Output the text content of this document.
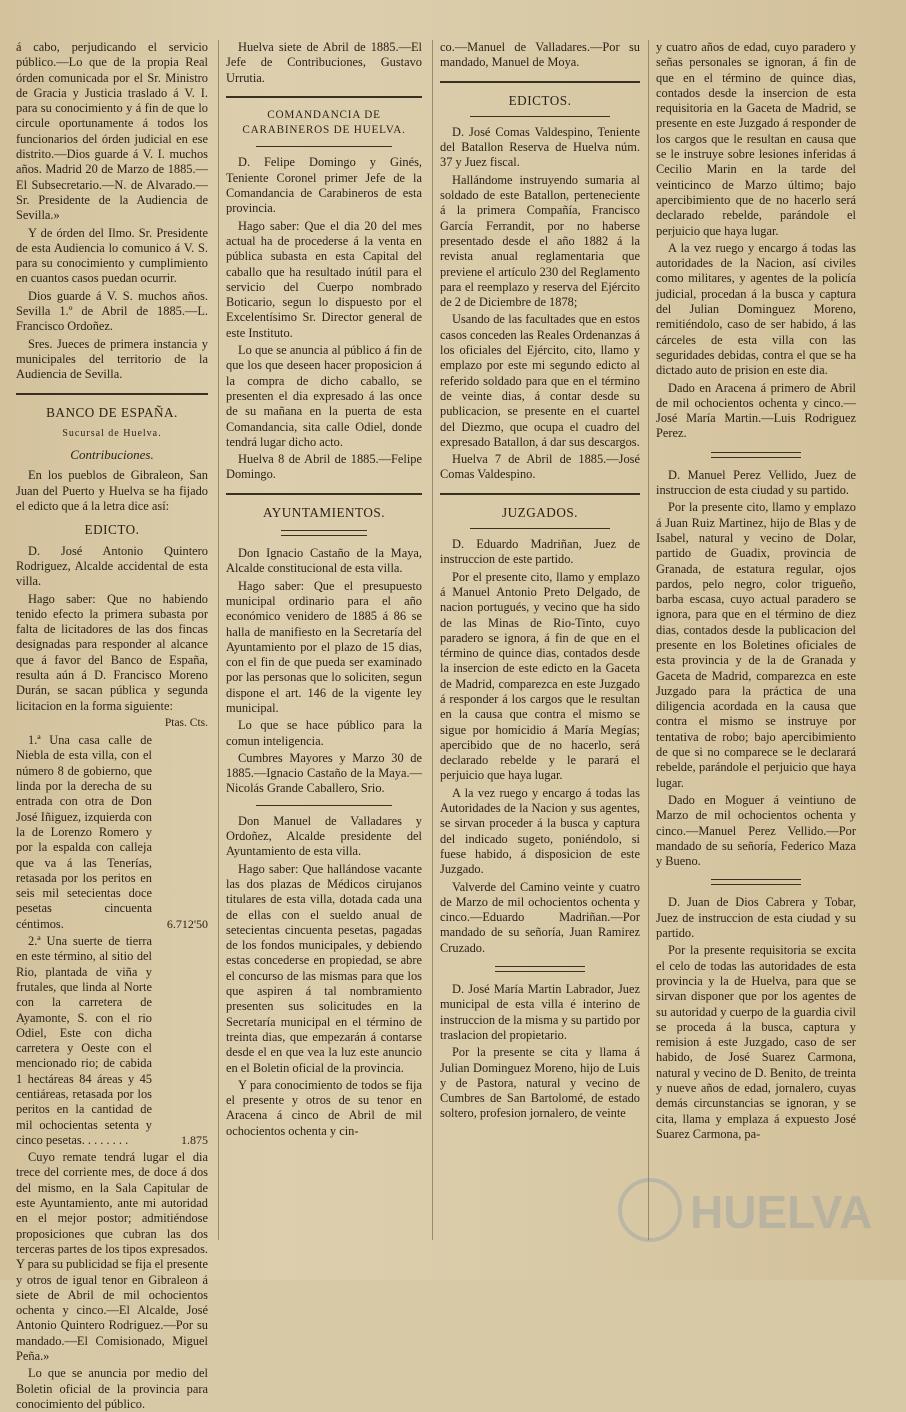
á cabo, perjudicando el servicio público.—Lo que de la propia Real órden comunicada por el Sr. Ministro de Gracia y Justicia traslado á V. I. para su conocimiento y á fin de que lo circule oportunamente á todos los funcionarios del órden judicial en ese distrito.—Dios guarde á V. I. muchos años. Madrid 20 de Marzo de 1885.—El Subsecretario.—N. de Alvarado.—Sr. Presidente de la Audiencia de Sevilla.»

Y de órden del Ilmo. Sr. Presidente de esta Audiencia lo comunico á V. S. para su conocimiento y cumplimiento en cuantos casos puedan ocurrir.

Dios guarde á V. S. muchos años. Sevilla 1.º de Abril de 1885.—L. Francisco Ordoñez.

Sres. Jueces de primera instancia y municipales del territorio de la Audiencia de Sevilla.

BANCO DE ESPAÑA.
Sucursal de Huelva.
Contribuciones.

En los pueblos de Gibraleon, San Juan del Puerto y Huelva se ha fijado el edicto que á la letra dice así:

EDICTO.

D. José Antonio Quintero Rodriguez, Alcalde accidental de esta villa.

Hago saber: Que no habiendo tenido efecto la primera subasta por falta de licitadores de las dos fincas designadas para responder al alcance que á favor del Banco de España, resulta aún á D. Francisco Moreno Durán, se sacan pública y segunda licitacion en la forma siguiente:

Ptas. Cts.

1.ª Una casa calle de Niebla de esta villa, con el número 8 de gobierno, que linda por la derecha de su entrada con otra de Don José Iñiguez, izquierda con la de Lorenzo Romero y por la espalda con calleja que va á las Tenerías, retasada por los peritos en seis mil setecientas doce pesetas cincuenta céntimos.	6.712'50

2.ª Una suerte de tierra en este término, al sitio del Rio, plantada de viña y frutales, que linda al Norte con la carretera de Ayamonte, S. con el rio Odiel, Este con dicha carretera y Oeste con el mencionado rio; de cabida 1 hectáreas 84 áreas y 45 centiáreas, retasada por los peritos en la cantidad de mil ochocientas setenta y cinco pesetas. . . . . . . .	1.875

Cuyo remate tendrá lugar el dia trece del corriente mes, de doce á dos del mismo, en la Sala Capitular de este Ayuntamiento, ante mi autoridad en el mejor postor; admitiéndose proposiciones que cubran las dos terceras partes de los tipos expresados. Y para su publicidad se fija el presente y otros de igual tenor en Gibraleon á siete de Abril de mil ochocientos ochenta y cinco.—El Alcalde, José Antonio Quintero Rodriguez.—Por su mandado.—El Comisionado, Miguel Peña.»

Lo que se anuncia por medio del Boletin oficial de la provincia para conocimiento del público.

Huelva siete de Abril de 1885.—El Jefe de Contribuciones, Gustavo Urrutia.

COMANDANCIA DE CARABINEROS DE HUELVA.

D. Felipe Domingo y Ginés, Teniente Coronel primer Jefe de la Comandancia de Carabineros de esta provincia.

Hago saber: Que el dia 20 del mes actual ha de procederse á la venta en pública subasta en esta Capital del caballo que ha resultado inútil para el servicio del Cuerpo nombrado Boticario, segun lo dispuesto por el Excelentísimo Sr. Director general de este Instituto.

Lo que se anuncia al público á fin de que los que deseen hacer proposicion á la compra de dicho caballo, se presenten el dia expresado á las once de su mañana en la puerta de esta Comandancia, sita calle Odiel, donde tendrá lugar dicho acto.

Huelva 8 de Abril de 1885.—Felipe Domingo.

AYUNTAMIENTOS.

Don Ignacio Castaño de la Maya, Alcalde constitucional de esta villa.

Hago saber: Que el presupuesto municipal ordinario para el año económico venidero de 1885 á 86 se halla de manifiesto en la Secretaría del Ayuntamiento por el plazo de 15 dias, con el fin de que pueda ser examinado por las personas que lo soliciten, segun dispone el art. 146 de la vigente ley municipal.

Lo que se hace público para la comun inteligencia.

Cumbres Mayores y Marzo 30 de 1885.—Ignacio Castaño de la Maya.—Nicolás Grande Caballero, Srio.

Don Manuel de Valladares y Ordoñez, Alcalde presidente del Ayuntamiento de esta villa.

Hago saber: Que hallándose vacante las dos plazas de Médicos cirujanos titulares de esta villa, dotada cada una de ellas con el sueldo anual de setecientas cincuenta pesetas, pagadas de los fondos municipales, y debiendo estas concederse en propiedad, se abre el concurso de las mismas para que los que aspiren á tal nombramiento presenten sus solicitudes en la Secretaría municipal en el término de treinta dias, que empezarán á contarse desde el en que vea la luz este anuncio en el Boletin oficial de la provincia.

Y para conocimiento de todos se fija el presente y otros de su tenor en Aracena á cinco de Abril de mil ochocientos ochenta y cin-

co.—Manuel de Valladares.—Por su mandado, Manuel de Moya.

EDICTOS.

D. José Comas Valdespino, Teniente del Batallon Reserva de Huelva núm. 37 y Juez fiscal.

Hallándome instruyendo sumaria al soldado de este Batallon, perteneciente á la primera Compañía, Francisco García Ferrandit, por no haberse presentado desde el año 1882 á la revista anual reglamentaria que previene el artículo 230 del Reglamento para el reemplazo y reserva del Ejército de 2 de Diciembre de 1878;

Usando de las facultades que en estos casos conceden las Reales Ordenanzas á los oficiales del Ejército, cito, llamo y emplazo por este mi segundo edicto al referido soldado para que en el término de veinte dias, á contar desde su publicacion, se presente en el cuartel del Diezmo, que ocupa el cuadro del expresado Batallon, á dar sus descargos.

Huelva 7 de Abril de 1885.—José Comas Valdespino.

JUZGADOS.

D. Eduardo Madriñan, Juez de instruccion de este partido.

Por el presente cito, llamo y emplazo á Manuel Antonio Preto Delgado, de nacion portugués, y vecino que ha sido de las Minas de Rio-Tinto, cuyo paradero se ignora, á fin de que en el término de quince dias, contados desde la insercion de este edicto en la Gaceta de Madrid, comparezca en este Juzgado á responder á los cargos que le resultan en la causa que contra el mismo se sigue por homicidio á María Megías; apercibido que de no hacerlo, será declarado rebelde y le parará el perjuicio que haya lugar.

A la vez ruego y encargo á todas las Autoridades de la Nacion y sus agentes, se sirvan proceder á la busca y captura del indicado sugeto, poniéndolo, si fuese habido, á disposicion de este Juzgado.

Valverde del Camino veinte y cuatro de Marzo de mil ochocientos ochenta y cinco.—Eduardo Madriñan.—Por mandado de su señoría, Juan Ramirez Cruzado.

D. José María Martin Labrador, Juez municipal de esta villa é interino de instruccion de la misma y su partido por traslacion del propietario.

Por la presente se cita y llama á Julian Dominguez Moreno, hijo de Luis y de Pastora, natural y vecino de Cumbres de San Bartolomé, de estado soltero, profesion jornalero, de veinte

y cuatro años de edad, cuyo paradero y señas personales se ignoran, á fin de que en el término de quince dias, contados desde la insercion de esta requisitoria en la Gaceta de Madrid, se presente en este Juzgado á responder de los cargos que le resultan en causa que se le instruye sobre lesiones inferidas á Cecilio Marin en la tarde del veinticinco de Marzo último; bajo apercibimiento que de no hacerlo será declarado rebelde, parándole el perjuicio que haya lugar.

A la vez ruego y encargo á todas las autoridades de la Nacion, así civiles como militares, y agentes de la policía judicial, procedan á la busca y captura del Julian Dominguez Moreno, remitiéndolo, caso de ser habido, á las cárceles de esta villa con las seguridades debidas, contra el que se ha dictado auto de prision en este dia.

Dado en Aracena á primero de Abril de mil ochocientos ochenta y cinco.—José María Martin.—Luis Rodriguez Perez.

D. Manuel Perez Vellido, Juez de instruccion de esta ciudad y su partido.

Por la presente cito, llamo y emplazo á Juan Ruiz Martinez, hijo de Blas y de Isabel, natural y vecino de Dolar, partido de Guadix, provincia de Granada, de estatura regular, ojos pardos, pelo negro, color trigueño, barba escasa, cuyo actual paradero se ignora, para que en el término de diez dias, contados desde la publicacion del presente en los Boletines oficiales de esta provincia y de la de Granada y Gaceta de Madrid, comparezca en este Juzgado para la práctica de una diligencia acordada en la causa que contra el mismo se instruye por tentativa de robo; bajo apercibimiento de que si no comparece se le declarará rebelde, parándole el perjuicio que haya lugar.

Dado en Moguer á veintiuno de Marzo de mil ochocientos ochenta y cinco.—Manuel Perez Vellido.—Por mandado de su señoría, Federico Maza y Bueno.

D. Juan de Dios Cabrera y Tobar, Juez de instruccion de esta ciudad y su partido.

Por la presente requisitoria se excita el celo de todas las autoridades de esta provincia y la de Huelva, para que se sirvan disponer que por los agentes de su autoridad y cuerpo de la guardia civil se proceda á la busca, captura y remision á este Juzgado, caso de ser habido, de José Suarez Carmona, natural y vecino de D. Benito, de treinta y nueve años de edad, jornalero, cuyas demás circunstancias se ignoran, y se cita, llama y emplaza á expuesto José Suarez Carmona, pa-

HUELVA
